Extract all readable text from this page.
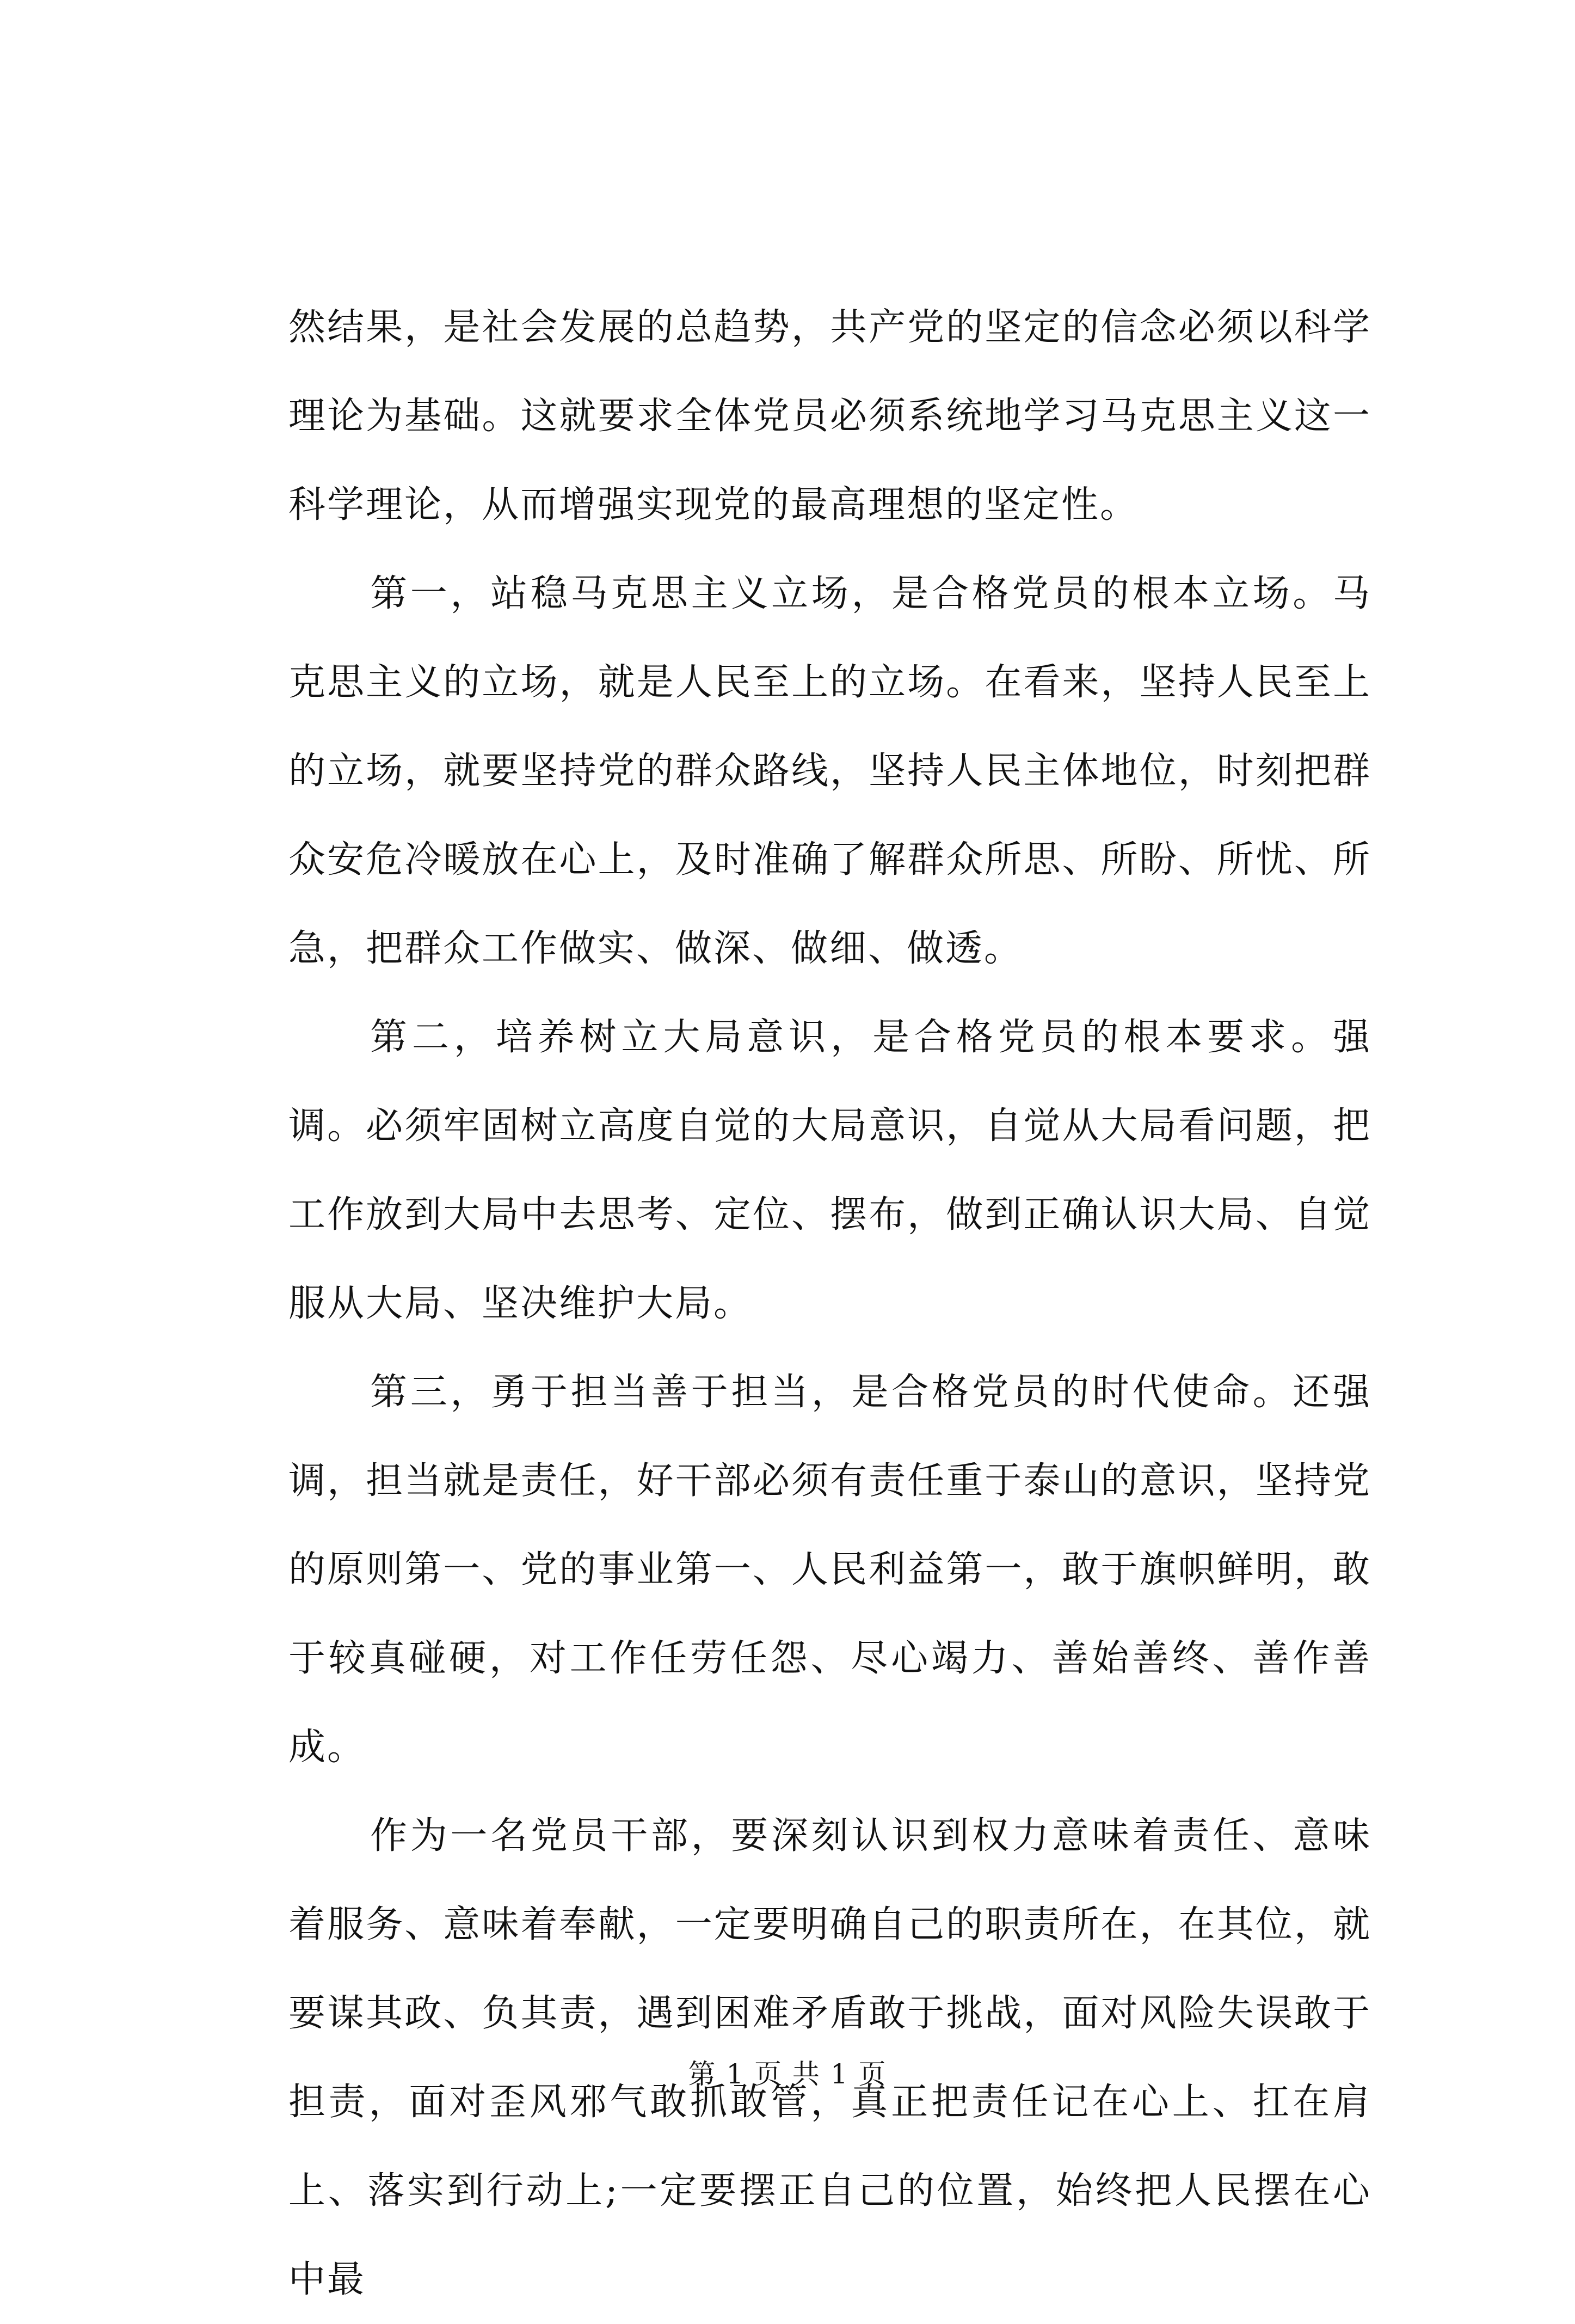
然结果，是社会发展的总趋势，共产党的坚定的信念必须以科学理论为基础。这就要求全体党员必须系统地学习马克思主义这一科学理论，从而增强实现党的最高理想的坚定性。

第一，站稳马克思主义立场，是合格党员的根本立场。马克思主义的立场，就是人民至上的立场。在看来，坚持人民至上的立场，就要坚持党的群众路线，坚持人民主体地位，时刻把群众安危冷暖放在心上，及时准确了解群众所思、所盼、所忧、所急，把群众工作做实、做深、做细、做透。

第二，培养树立大局意识，是合格党员的根本要求。强调。必须牢固树立高度自觉的大局意识，自觉从大局看问题，把工作放到大局中去思考、定位、摆布，做到正确认识大局、自觉服从大局、坚决维护大局。

第三，勇于担当善于担当，是合格党员的时代使命。还强调，担当就是责任，好干部必须有责任重于泰山的意识，坚持党的原则第一、党的事业第一、人民利益第一，敢于旗帜鲜明，敢于较真碰硬，对工作任劳任怨、尽心竭力、善始善终、善作善成。

作为一名党员干部，要深刻认识到权力意味着责任、意味着服务、意味着奉献，一定要明确自己的职责所在，在其位，就要谋其政、负其责，遇到困难矛盾敢于挑战，面对风险失误敢于担责，面对歪风邪气敢抓敢管，真正把责任记在心上、扛在肩上、落实到行动上;一定要摆正自己的位置，始终把人民摆在心中最

第 1 页 共 1 页
